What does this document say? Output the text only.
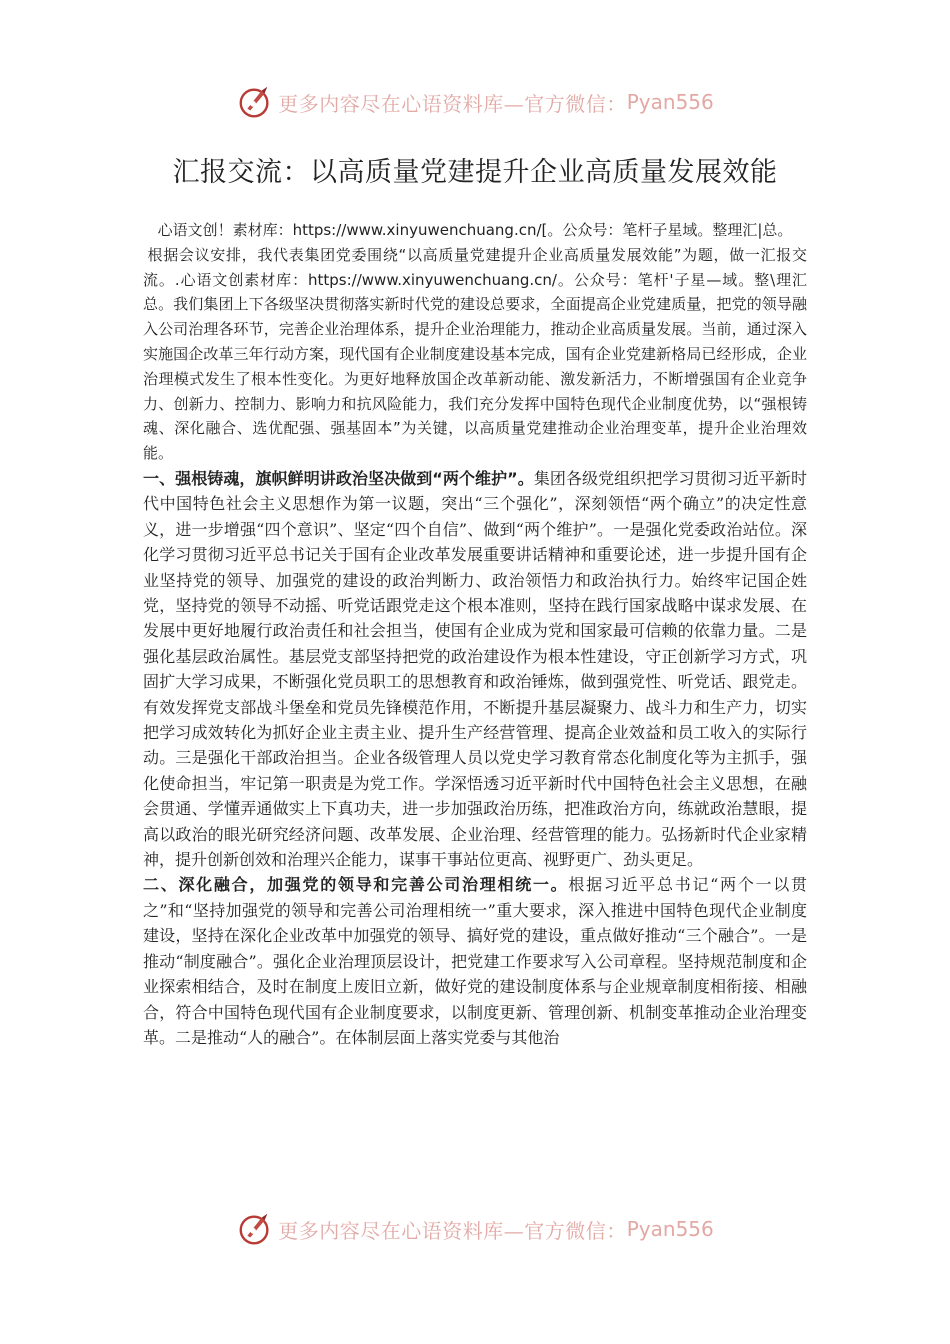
更多内容尽在心语资料库—官方微信： Pyan556
汇报交流：以高质量党建提升企业高质量发展效能

心语文创！素材库：https://www.xinyuwenchuang.cn/[。公众号：笔杆子星域。整理汇|总。

根据会议安排，我代表集团党委围绕“以高质量党建提升企业高质量发展效能”为题，做一汇报交流。.心语文创素材库：https://www.xinyuwenchuang.cn/。公众号：笔杆'子星—域。整\理汇总。我们集团上下各级坚决贯彻落实新时代党的建设总要求，全面提高企业党建质量，把党的领导融入公司治理各环节，完善企业治理体系，提升企业治理能力，推动企业高质量发展。当前，通过深入实施国企改革三年行动方案，现代国有企业制度建设基本完成，国有企业党建新格局已经形成，企业治理模式发生了根本性变化。为更好地释放国企改革新动能、激发新活力，不断增强国有企业竞争力、创新力、控制力、影响力和抗风险能力，我们充分发挥中国特色现代企业制度优势，以“强根铸魂、深化融合、选优配强、强基固本”为关键，以高质量党建推动企业治理变革，提升企业治理效能。

一、强根铸魂，旗帜鲜明讲政治坚决做到“两个维护”。集团各级党组织把学习贯彻习近平新时代中国特色社会主义思想作为第一议题，突出“三个强化”，深刻领悟“两个确立”的决定性意义，进一步增强“四个意识”、坚定“四个自信”、做到“两个维护”。一是强化党委政治站位。深化学习贯彻习近平总书记关于国有企业改革发展重要讲话精神和重要论述，进一步提升国有企业坚持党的领导、加强党的建设的政治判断力、政治领悟力和政治执行力。始终牢记国企姓党，坚持党的领导不动摇、听党话跟党走这个根本准则，坚持在践行国家战略中谋求发展、在发展中更好地履行政治责任和社会担当，使国有企业成为党和国家最可信赖的依靠力量。二是强化基层政治属性。基层党支部坚持把党的政治建设作为根本性建设，守正创新学习方式，巩固扩大学习成果，不断强化党员职工的思想教育和政治锤炼，做到强党性、听党话、跟党走。有效发挥党支部战斗堡垒和党员先锋模范作用，不断提升基层凝聚力、战斗力和生产力，切实把学习成效转化为抓好企业主责主业、提升生产经营管理、提高企业效益和员工收入的实际行动。三是强化干部政治担当。企业各级管理人员以党史学习教育常态化制度化等为主抓手，强化使命担当，牢记第一职责是为党工作。学深悟透习近平新时代中国特色社会主义思想，在融会贯通、学懂弄通做实上下真功夫，进一步加强政治历练，把准政治方向，练就政治慧眼，提高以政治的眼光研究经济问题、改革发展、企业治理、经营管理的能力。弘扬新时代企业家精神，提升创新创效和治理兴企能力，谋事干事站位更高、视野更广、劲头更足。

二、深化融合，加强党的领导和完善公司治理相统一。根据习近平总书记“两个一以贯之”和“坚持加强党的领导和完善公司治理相统一”重大要求，深入推进中国特色现代企业制度建设，坚持在深化企业改革中加强党的领导、搞好党的建设，重点做好推动“三个融合”。一是推动“制度融合”。强化企业治理顶层设计，把党建工作要求写入公司章程。坚持规范制度和企业探索相结合，及时在制度上废旧立新，做好党的建设制度体系与企业规章制度相衔接、相融合，符合中国特色现代国有企业制度要求，以制度更新、管理创新、机制变革推动企业治理变革。二是推动“人的融合”。在体制层面上落实党委与其他治

更多内容尽在心语资料库—官方微信： Pyan556
